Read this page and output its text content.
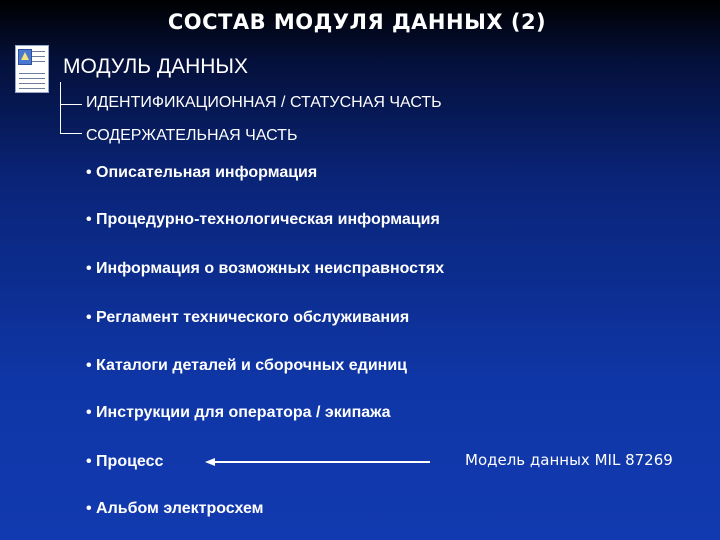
СОСТАВ МОДУЛЯ ДАННЫХ (2)
МОДУЛЬ ДАННЫХ
ИДЕНТИФИКАЦИОННАЯ / СТАТУСНАЯ ЧАСТЬ
СОДЕРЖАТЕЛЬНАЯ ЧАСТЬ
• Описательная информация
• Процедурно-технологическая информация
• Информация о возможных неисправностях
• Регламент технического обслуживания
• Каталоги деталей и сборочных единиц
• Инструкции для оператора / экипажа
• Процесс
• Альбом электросхем
Модель данных MIL 87269
